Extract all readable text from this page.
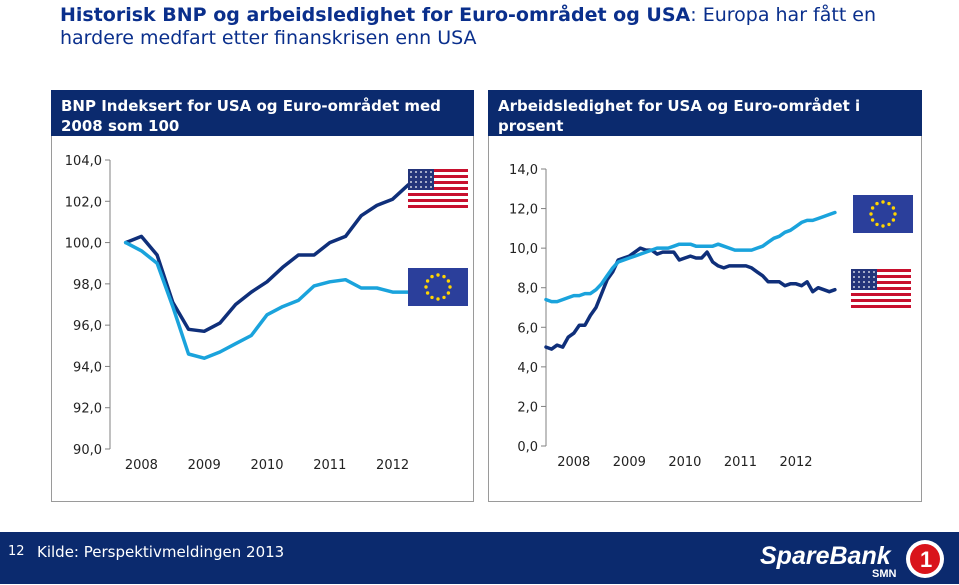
Historisk BNP og arbeidsledighet for Euro-området og USA: Europa har fått en hardere medfart etter finanskrisen enn USA
BNP Indeksert for USA og Euro-området med 2008 som 100
104,0
102,0
100,0
98,0
96,0
94,0
92,0
90,0
2008 2009 2010 2011 2012
Arbeidsledighet for USA og Euro-området i prosent
14,0
12,0
10,0
8,0
6,0
4,0
2,0
0,0
2008 2009 2010 2011 2012
12 Kilde: Perspektivmeldingen 2013	SpareBank
SMN
1
